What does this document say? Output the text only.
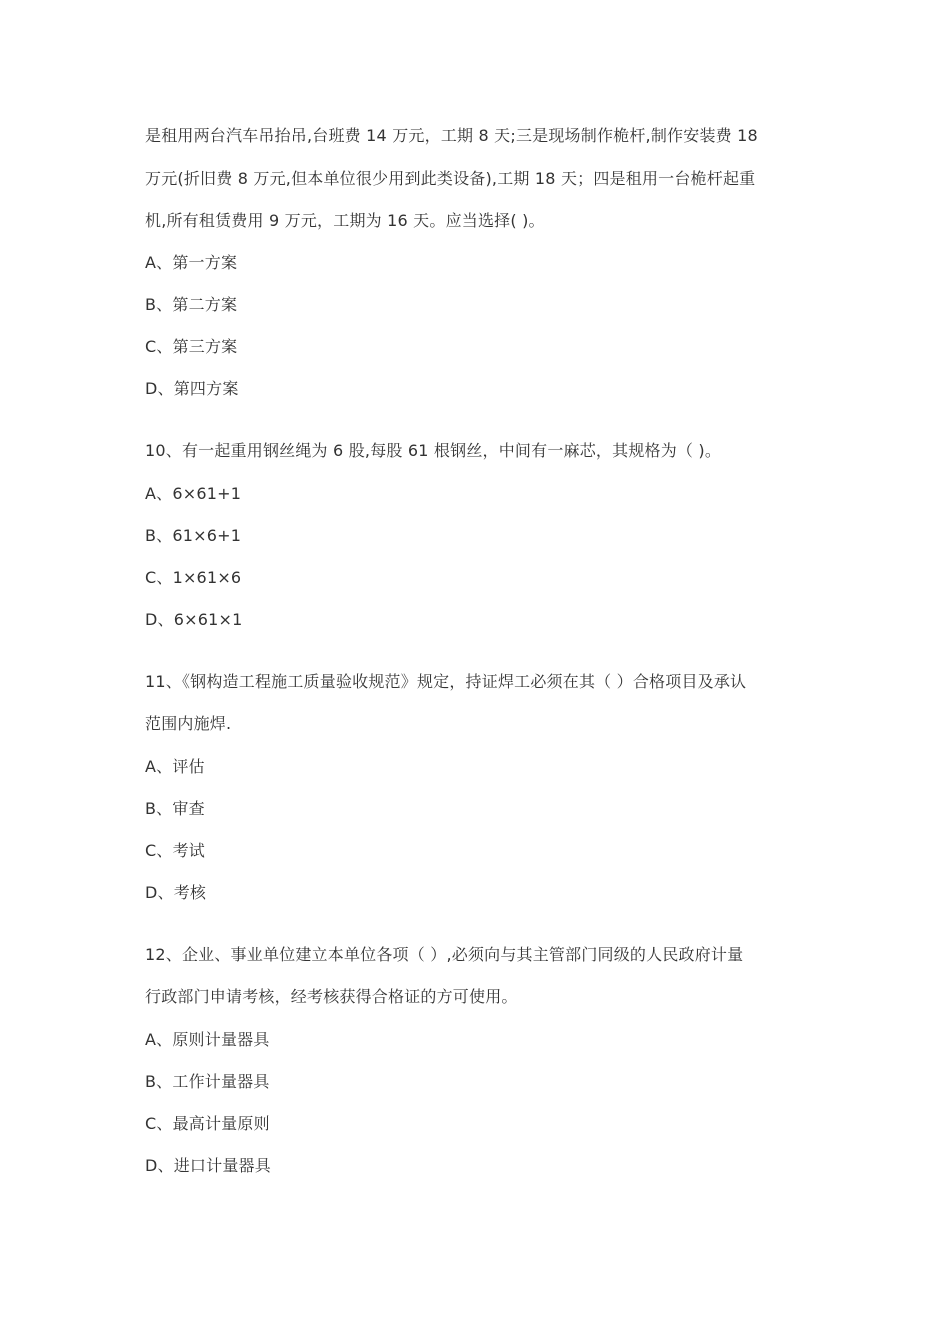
是租用两台汽车吊抬吊,台班费 14 万元，工期 8 天;三是现场制作桅杆,制作安装费 18
万元(折旧费 8 万元,但本单位很少用到此类设备),工期 18 天；四是租用一台桅杆起重
机,所有租赁费用 9 万元，工期为 16 天。应当选择( )。
A、第一方案
B、第二方案
C、第三方案
D、第四方案
10、有一起重用钢丝绳为 6 股,每股 61 根钢丝，中间有一麻芯，其规格为（ )。
A、6×61+1
B、61×6+1
C、1×61×6
D、6×61×1
11、《钢构造工程施工质量验收规范》规定，持证焊工必须在其（ ）合格项目及承认
范围内施焊.
A、评估
B、审查
C、考试
D、考核
12、企业、事业单位建立本单位各项（ ）,必须向与其主管部门同级的人民政府计量
行政部门申请考核，经考核获得合格证的方可使用。
A、原则计量器具
B、工作计量器具
C、最高计量原则
D、进口计量器具
